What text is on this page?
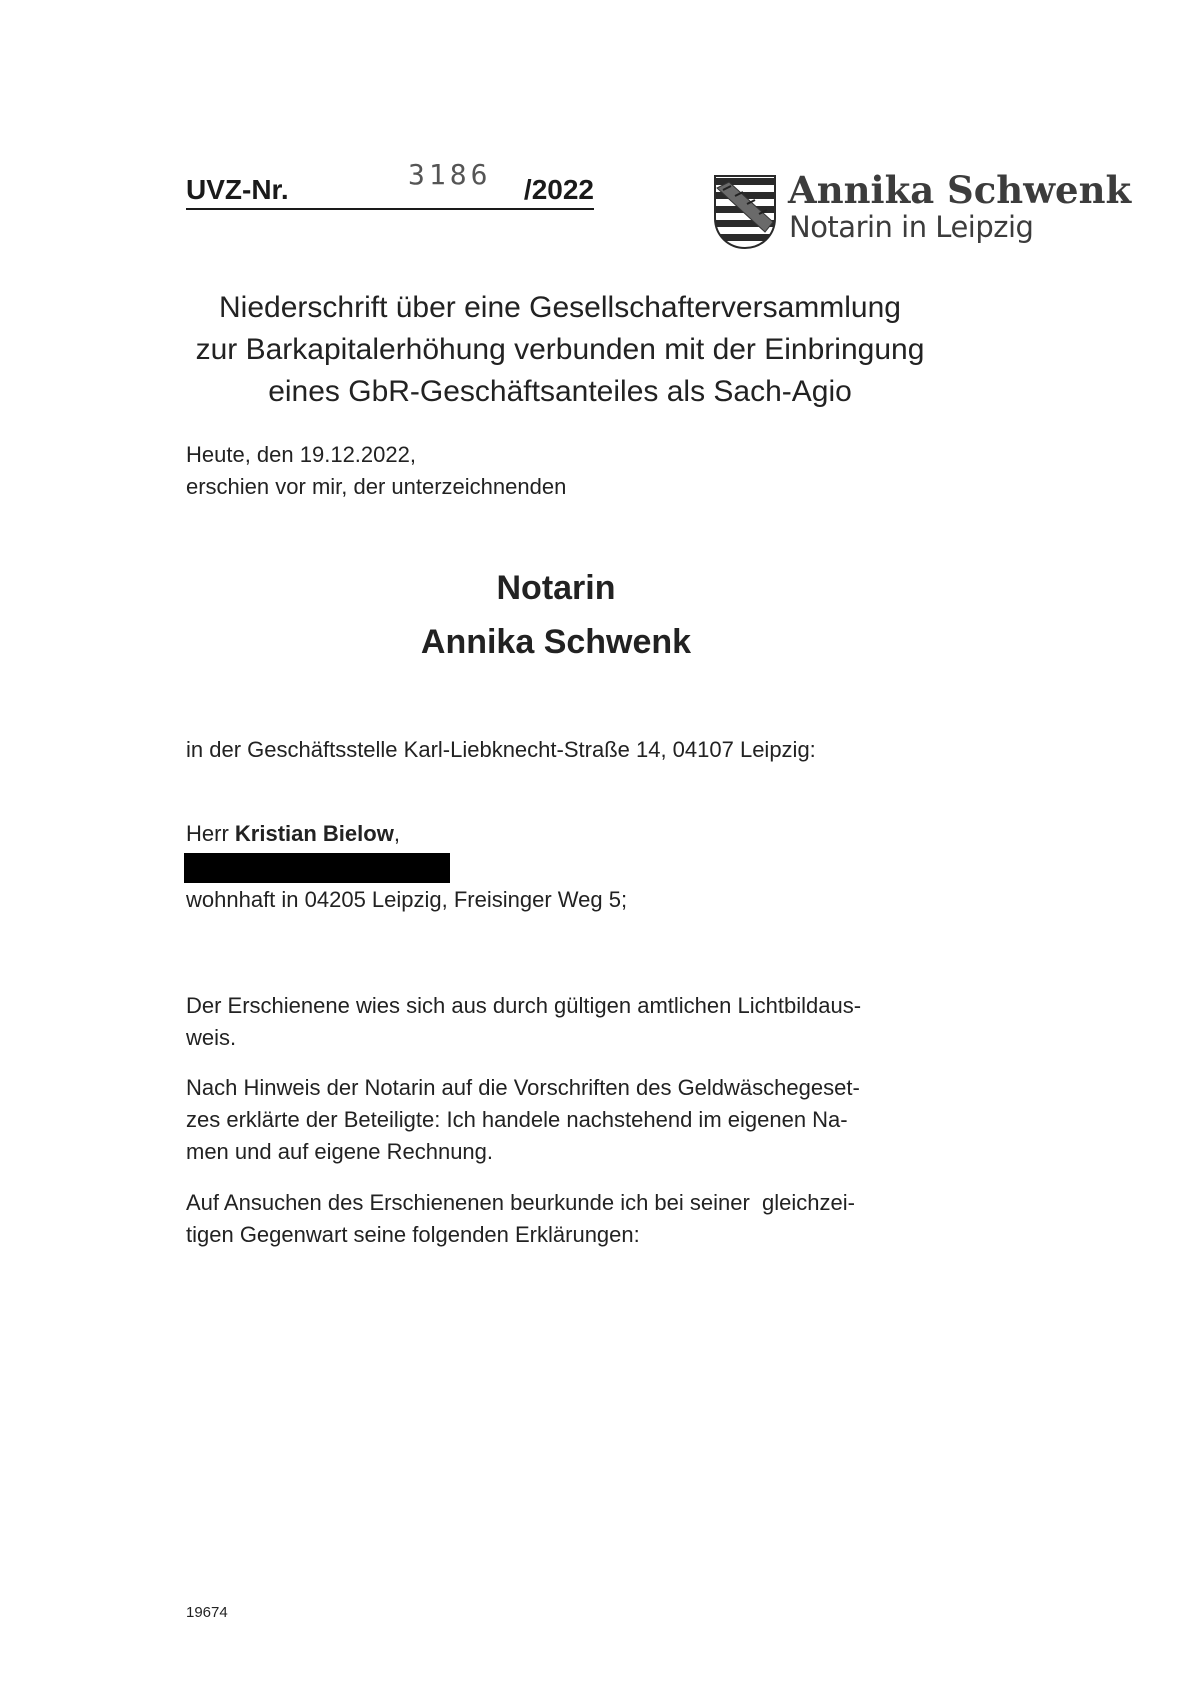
UVZ-Nr.	3186 /2022	Annika Schwenk
Notarin in Leipzig
Niederschrift über eine Gesellschafterversammlung
zur Barkapitalerhöhung verbunden mit der Einbringung
eines GbR-Geschäftsanteiles als Sach-Agio
Heute, den 19.12.2022,
erschien vor mir, der unterzeichnenden
Notarin
Annika Schwenk
in der Geschäftsstelle Karl-Liebknecht-Straße 14, 04107 Leipzig:
Herr Kristian Bielow,
wohnhaft in 04205 Leipzig, Freisinger Weg 5;
Der Erschienene wies sich aus durch gültigen amtlichen Lichtbildaus-
weis.
Nach Hinweis der Notarin auf die Vorschriften des Geldwäschegeset-
zes erklärte der Beteiligte: Ich handele nachstehend im eigenen Na-
men und auf eigene Rechnung.
Auf Ansuchen des Erschienenen beurkunde ich bei seiner  gleichzei-
tigen Gegenwart seine folgenden Erklärungen:
19674
